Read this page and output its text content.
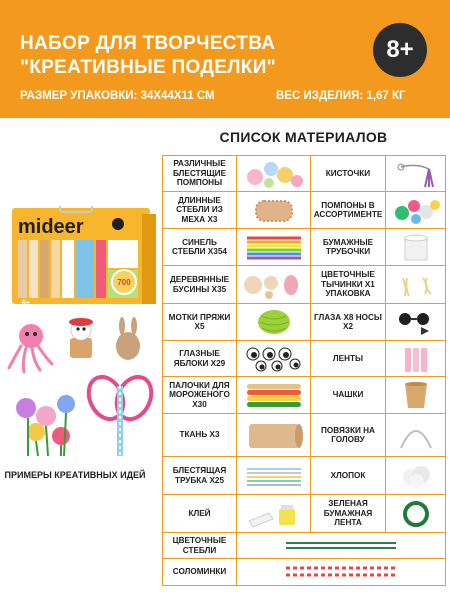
НАБОР ДЛЯ ТВОРЧЕСТВА
"КРЕАТИВНЫЕ ПОДЕЛКИ"
РАЗМЕР УПАКОВКИ: 34Х44Х11 СМ	ВЕС ИЗДЕЛИЯ: 1,67 КГ
8+
mideer
700
6+
ПРИМЕРЫ КРЕАТИВНЫХ ИДЕЙ
СПИСОК МАТЕРИАЛОВ
РАЗЛИЧНЫЕ БЛЕСТЯЩИЕ ПОМПОНЫ		КИСТОЧКИ	

ДЛИННЫЕ СТЕБЛИ ИЗ МЕХА Х3		ПОМПОНЫ В АССОРТИМЕНТЕ	

СИНЕЛЬ СТЕБЛИ Х354		БУМАЖНЫЕ ТРУБОЧКИ	

ДЕРЕВЯННЫЕ БУСИНЫ Х35		ЦВЕТОЧНЫЕ ТЫЧИНКИ Х1 УПАКОВКА	

МОТКИ ПРЯЖИ Х5		ГЛАЗА Х8 НОСЫ Х2	

ГЛАЗНЫЕ ЯБЛОКИ Х29		ЛЕНТЫ	

ПАЛОЧКИ ДЛЯ МОРОЖЕНОГО Х30		ЧАШКИ	

ТКАНЬ Х3		ПОВЯЗКИ НА ГОЛОВУ	

БЛЕСТЯЩАЯ ТРУБКА Х25		ХЛОПОК	

КЛЕЙ		ЗЕЛЕНАЯ БУМАЖНАЯ ЛЕНТА	

ЦВЕТОЧНЫЕ СТЕБЛИ	

СОЛОМИНКИ	
